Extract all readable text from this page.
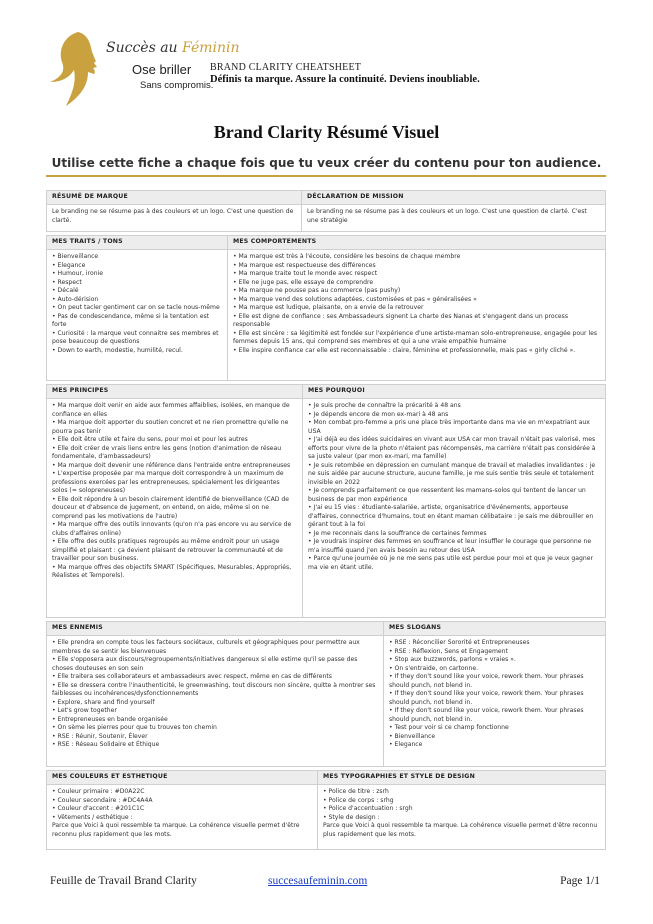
Succès au Féminin
Ose briller
Sans compromis.
BRAND CLARITY CHEATSHEET
Définis ta marque. Assure la continuité. Deviens inoubliable.
Brand Clarity Résumé Visuel
Utilise cette fiche a chaque fois que tu veux créer du contenu pour ton audience.
RÉSUMÉ DE MARQUE

Le branding ne se résume pas à des couleurs et un logo. C'est une question de clarté.

DÉCLARATION DE MISSION

Le branding ne se résume pas à des couleurs et un logo. C'est une question de clarté. C'est une stratégie

MES TRAITS / TONS

• Bienveillance

• Elegance

• Humour, ironie

• Respect

• Décalé

• Auto-dérision

• On peut tacler gentiment car on se tacle nous-même

• Pas de condescendance, même si la tentation est forte

• Curiosité : la marque veut connaitre ses membres et pose beaucoup de questions

• Down to earth, modestie, humilité, recul.

MES COMPORTEMENTS

• Ma marque est très à l'écoute, considère les besoins de chaque membre

• Ma marque est respectueuse des différences

• Ma marque traite tout le monde avec respect

• Elle ne juge pas, elle essaye de comprendre

• Ma marque ne pousse pas au commerce (pas pushy)

• Ma marque vend des solutions adaptées, customisées et pas « généralisées »

• Ma marque est ludique, plaisante, on a envie de la retrouver

• Elle est digne de confiance : ses Ambassadeurs signent La charte des Nanas et s'engagent dans un process responsable

• Elle est sincère : sa légitimité est fondée sur l'expérience d'une artiste-maman solo-entrepreneuse, engagée pour les femmes depuis 15 ans, qui comprend ses membres et qui a une vraie empathie humaine

• Elle inspire confiance car elle est reconnaissable : claire, féminine et professionnelle, mais pas « girly cliché ».

MES PRINCIPES

• Ma marque doit venir en aide aux femmes affaiblies, isolées, en manque de confiance en elles

• Ma marque doit apporter du soutien concret et ne rien promettre qu'elle ne pourra pas tenir

• Elle doit être utile et faire du sens, pour moi et pour les autres

• Elle doit créer de vrais liens entre les gens (notion d'animation de réseau fondamentale, d'ambassadeurs)

• Ma marque doit devenir une référence dans l'entraide entre entrepreneuses

• L'expertise proposée par ma marque doit correspondre à un maximum de professions exercées par les entrepreneuses, spécialement les dirigeantes solos (= solopreneuses)

• Elle doit répondre à un besoin clairement identifié de bienveillance (CAD de douceur et d'absence de jugement, on entend, on aide, même si on ne comprend pas les motivations de l'autre)

• Ma marque offre des outils innovants (qu'on n'a pas encore vu au service de clubs d'affaires online)

• Elle offre des outils pratiques regroupés au même endroit pour un usage simplifié et plaisant : ça devient plaisant de retrouver la communauté et de travailler pour son business.

• Ma marque offres des objectifs SMART (Spécifiques, Mesurables, Appropriés, Réalistes et Temporels).

MES POURQUOI

• Je suis proche de connaître la précarité à 48 ans

• Je dépends encore de mon ex-mari à 48 ans

• Mon combat pro-femme a pris une place très importante dans ma vie en m'expatriant aux USA

• J'ai déjà eu des idées suicidaires en vivant aux USA car mon travail n'était pas valorisé, mes efforts pour vivre de la photo n'étaient pas récompensés, ma carrière n'était pas considérée à sa juste valeur (par mon ex-mari, ma famille)

• Je suis retombée en dépression en cumulant manque de travail et maladies invalidantes : je ne suis aidée par aucune structure, aucune famille, je me suis sentie très seule et totalement invisible en 2022

• Je comprends parfaitement ce que ressentent les mamans-solos qui tentent de lancer un business de par mon expérience

• J'ai eu 15 vies : étudiante-salariée, artiste, organisatrice d'événements, apporteuse d'affaires, connectrice d'humains, tout en étant maman célibataire : je sais me débrouiller en gérant tout à la foi

• Je me reconnais dans la souffrance de certaines femmes

• Je voudrais inspirer des femmes en souffrance et leur insuffler le courage que personne ne m'a insufflé quand j'en avais besoin au retour des USA

• Parce qu'une journée où je ne me sens pas utile est perdue pour moi et que je veux gagner ma vie en étant utile.

MES ENNEMIS

• Elle prendra en compte tous les facteurs sociétaux, culturels et géographiques pour permettre aux membres de se sentir les bienvenues

• Elle s'opposera aux discours/regroupements/initiatives dangereux si elle estime qu'il se passe des choses douteuses en son sein

• Elle traitera ses collaborateurs et ambassadeurs avec respect, même en cas de différents

• Elle se dressera contre l'inauthenticité, le greenwashing, tout discours non sincère, quitte à montrer ses faiblesses ou incohérences/dysfonctionnements

• Explore, share and find yourself

• Let's grow together

• Entrepreneuses en bande organisée

• On sème les pierres pour que tu trouves ton chemin

• RSE : Réunir, Soutenir, Élever

• RSE : Réseau Solidaire et Éthique

MES SLOGANS

• RSE : Réconcilier Sororité et Entrepreneuses

• RSE : Réflexion, Sens et Engagement

• Stop aux buzzwords, parlons « vraies ».

• On s'entraide, on cartonne.

• If they don't sound like your voice, rework them. Your phrases should punch, not blend in.

• If they don't sound like your voice, rework them. Your phrases should punch, not blend in.

• If they don't sound like your voice, rework them. Your phrases should punch, not blend in.

• Test pour voir si ce champ fonctionne

• Bienveillance

• Elegance

MES COULEURS ET ESTHETIQUE

• Couleur primaire : #D0A22C

• Couleur secondaire : #DC4A4A

• Couleur d'accent : #201C1C

• Vêtements / esthétique :

Parce que Voici à quoi ressemble ta marque. La cohérence visuelle permet d'être reconnu plus rapidement que les mots.

MES TYPOGRAPHIES ET STYLE DE DESIGN

• Police de titre : zsrh

• Police de corps : srhg

• Police d'accentuation : srgh

• Style de design :

Parce que Voici à quoi ressemble ta marque. La cohérence visuelle permet d'être reconnu plus rapidement que les mots.

Feuille de Travail Brand Clarity	succesaufeminin.com	Page 1/1
